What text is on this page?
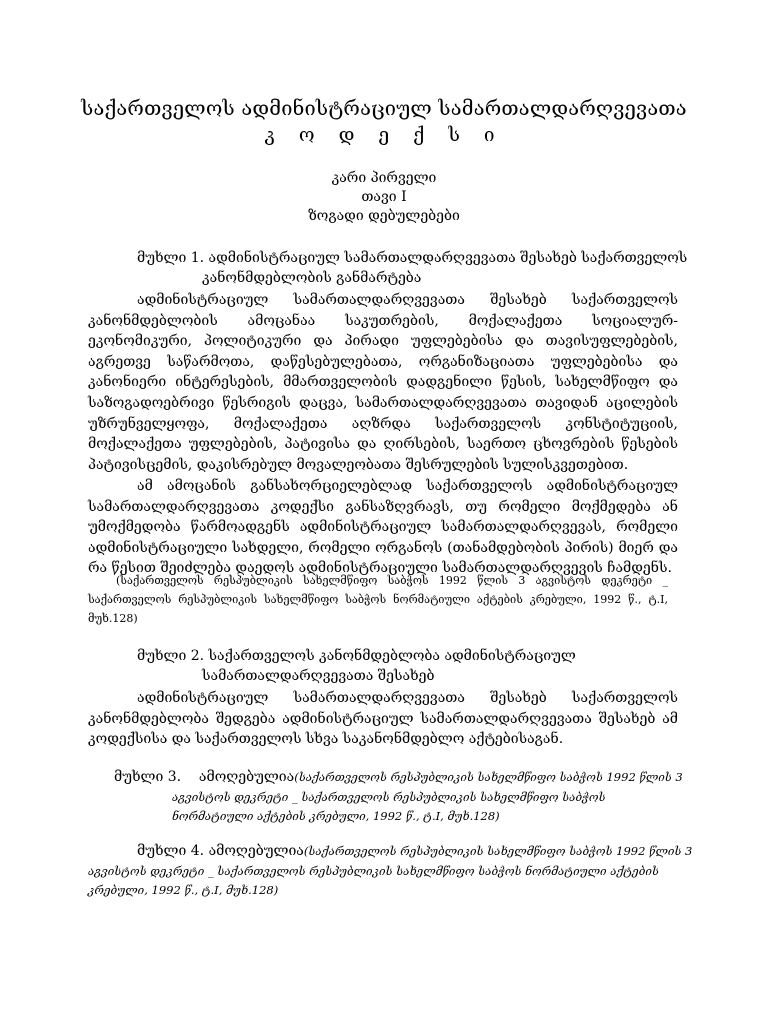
საქართველოს ადმინისტრაციულ სამართალდარღვევათა
კ ო დ ე ქ ს ი
კარი პირველი
თავი I
ზოგადი დებულებები
მუხლი 1. ადმინისტრაციულ სამართალდარღვევათა შესახებ საქართველოს
კანონმდებლობის განმარტება

ადმინისტრაციულ სამართალდარღვევათა შესახებ საქართველოს კანონმდებლობის ამოცანაა საკუთრების, მოქალაქეთა სოციალურ-ეკონომიკური, პოლიტიკური და პირადი უფლებებისა და თავისუფლებების, აგრეთვე საწარმოთა, დაწესებულებათა, ორგანიზაციათა უფლებებისა და კანონიერი ინტერესების, მმართველობის დადგენილი წესის, სახელმწიფო და საზოგადოებრივი წესრიგის დაცვა, სამართალდარღვევათა თავიდან აცილების უზრუნველყოფა, მოქალაქეთა აღზრდა საქართველოს კონსტიტუციის, მოქალაქეთა უფლებების, პატივისა და ღირსების, საერთო ცხოვრების წესების პატივისცემის, დაკისრებულ მოვალეობათა შესრულების სულისკვეთებით.

ამ ამოცანის განსახორციელებლად საქართველოს ადმინისტრაციულ სამართალდარღვევათა კოდექსი განსაზღვრავს, თუ რომელი მოქმედება ან უმოქმედობა წარმოადგენს ადმინისტრაციულ სამართალდარღვევას, რომელი ადმინისტრაციული სახდელი, რომელი ორგანოს (თანამდებობის პირის) მიერ და რა წესით შეიძლება დაედოს ადმინისტრაციული სამართალდარღვევის ჩამდენს.

(საქართველოს რესპუბლიკის სახელმწიფო საბჭოს 1992 წლის 3 აგვისტოს დეკრეტი _ საქართველოს რესპუბლიკის სახელმწიფო საბჭოს ნორმატიული აქტების კრებული, 1992 წ., ტ.I, მუხ.128)

მუხლი 2. საქართველოს კანონმდებლობა ადმინისტრაციულ
სამართალდარღვევათა შესახებ

ადმინისტრაციულ სამართალდარღვევათა შესახებ საქართველოს კანონმდებლობა შედგება ადმინისტრაციულ სამართალდარღვევათა შესახებ ამ კოდექსისა და საქართველოს სხვა საკანონმდებლო აქტებისაგან.

მუხლი 3. ამოღებულია(საქართველოს რესპუბლიკის სახელმწიფო საბჭოს 1992 წლის 3
აგვისტოს დეკრეტი _ საქართველოს რესპუბლიკის სახელმწიფო საბჭოს ნორმატიული აქტების კრებული, 1992 წ., ტ.I, მუხ.128)
მუხლი 4. ამოღებულია(საქართველოს რესპუბლიკის სახელმწიფო საბჭოს 1992 წლის 3
აგვისტოს დეკრეტი _ საქართველოს რესპუბლიკის სახელმწიფო საბჭოს ნორმატიული აქტების კრებული, 1992 წ., ტ.I, მუხ.128)
